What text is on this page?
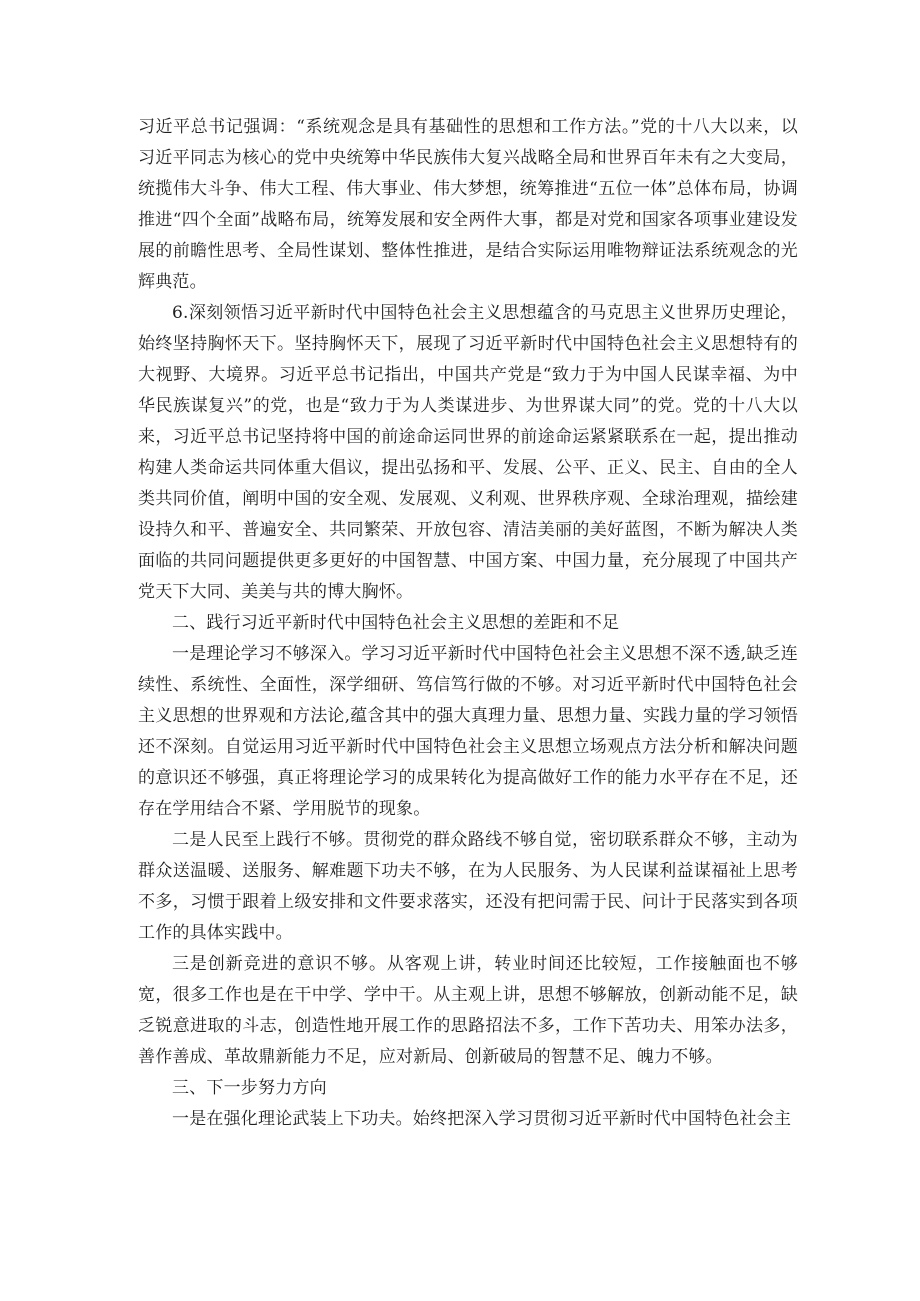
习近平总书记强调：“系统观念是具有基础性的思想和工作方法。”党的十八大以来，以习近平同志为核心的党中央统筹中华民族伟大复兴战略全局和世界百年未有之大变局，统揽伟大斗争、伟大工程、伟大事业、伟大梦想，统筹推进“五位一体”总体布局，协调推进“四个全面”战略布局，统筹发展和安全两件大事，都是对党和国家各项事业建设发展的前瞻性思考、全局性谋划、整体性推进，是结合实际运用唯物辩证法系统观念的光辉典范。

6.深刻领悟习近平新时代中国特色社会主义思想蕴含的马克思主义世界历史理论，始终坚持胸怀天下。坚持胸怀天下，展现了习近平新时代中国特色社会主义思想特有的大视野、大境界。习近平总书记指出，中国共产党是“致力于为中国人民谋幸福、为中华民族谋复兴”的党，也是“致力于为人类谋进步、为世界谋大同”的党。党的十八大以来，习近平总书记坚持将中国的前途命运同世界的前途命运紧紧联系在一起，提出推动构建人类命运共同体重大倡议，提出弘扬和平、发展、公平、正义、民主、自由的全人类共同价值，阐明中国的安全观、发展观、义利观、世界秩序观、全球治理观，描绘建设持久和平、普遍安全、共同繁荣、开放包容、清洁美丽的美好蓝图，不断为解决人类面临的共同问题提供更多更好的中国智慧、中国方案、中国力量，充分展现了中国共产党天下大同、美美与共的博大胸怀。

二、践行习近平新时代中国特色社会主义思想的差距和不足

一是理论学习不够深入。学习习近平新时代中国特色社会主义思想不深不透,缺乏连续性、系统性、全面性，深学细研、笃信笃行做的不够。对习近平新时代中国特色社会主义思想的世界观和方法论,蕴含其中的强大真理力量、思想力量、实践力量的学习领悟还不深刻。自觉运用习近平新时代中国特色社会主义思想立场观点方法分析和解决问题的意识还不够强，真正将理论学习的成果转化为提高做好工作的能力水平存在不足，还存在学用结合不紧、学用脱节的现象。

二是人民至上践行不够。贯彻党的群众路线不够自觉，密切联系群众不够，主动为群众送温暖、送服务、解难题下功夫不够，在为人民服务、为人民谋利益谋福祉上思考不多，习惯于跟着上级安排和文件要求落实，还没有把问需于民、问计于民落实到各项工作的具体实践中。

三是创新竞进的意识不够。从客观上讲，转业时间还比较短，工作接触面也不够宽，很多工作也是在干中学、学中干。从主观上讲，思想不够解放，创新动能不足，缺乏锐意进取的斗志，创造性地开展工作的思路招法不多，工作下苦功夫、用笨办法多，善作善成、革故鼎新能力不足，应对新局、创新破局的智慧不足、魄力不够。

三、下一步努力方向

一是在强化理论武装上下功夫。始终把深入学习贯彻习近平新时代中国特色社会主
